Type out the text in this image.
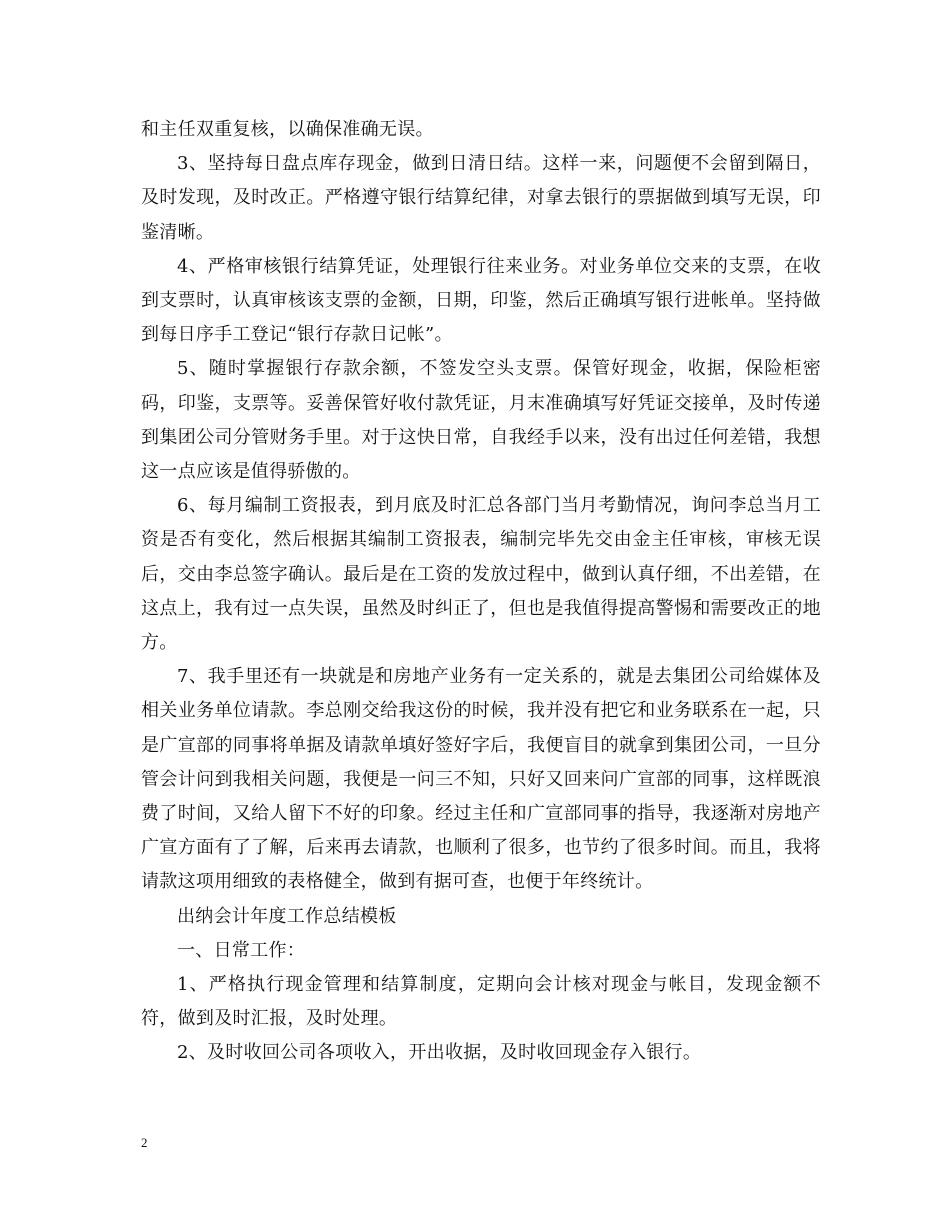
和主任双重复核，以确保准确无误。

3、坚持每日盘点库存现金，做到日清日结。这样一来，问题便不会留到隔日，及时发现，及时改正。严格遵守银行结算纪律，对拿去银行的票据做到填写无误，印鉴清晰。

4、严格审核银行结算凭证，处理银行往来业务。对业务单位交来的支票，在收到支票时，认真审核该支票的金额，日期，印鉴，然后正确填写银行进帐单。坚持做到每日序手工登记“银行存款日记帐”。

5、随时掌握银行存款余额，不签发空头支票。保管好现金，收据，保险柜密码，印鉴，支票等。妥善保管好收付款凭证，月末准确填写好凭证交接单，及时传递到集团公司分管财务手里。对于这快日常，自我经手以来，没有出过任何差错，我想这一点应该是值得骄傲的。

6、每月编制工资报表，到月底及时汇总各部门当月考勤情况，询问李总当月工资是否有变化，然后根据其编制工资报表，编制完毕先交由金主任审核，审核无误后，交由李总签字确认。最后是在工资的发放过程中，做到认真仔细，不出差错，在这点上，我有过一点失误，虽然及时纠正了，但也是我值得提高警惕和需要改正的地方。

7、我手里还有一块就是和房地产业务有一定关系的，就是去集团公司给媒体及相关业务单位请款。李总刚交给我这份的时候，我并没有把它和业务联系在一起，只是广宣部的同事将单据及请款单填好签好字后，我便盲目的就拿到集团公司，一旦分管会计问到我相关问题，我便是一问三不知，只好又回来问广宣部的同事，这样既浪费了时间，又给人留下不好的印象。经过主任和广宣部同事的指导，我逐渐对房地产广宣方面有了了解，后来再去请款，也顺利了很多，也节约了很多时间。而且，我将请款这项用细致的表格健全，做到有据可查，也便于年终统计。

出纳会计年度工作总结模板

一、日常工作：

1、严格执行现金管理和结算制度，定期向会计核对现金与帐目，发现金额不符，做到及时汇报，及时处理。

2、及时收回公司各项收入，开出收据，及时收回现金存入银行。

2
